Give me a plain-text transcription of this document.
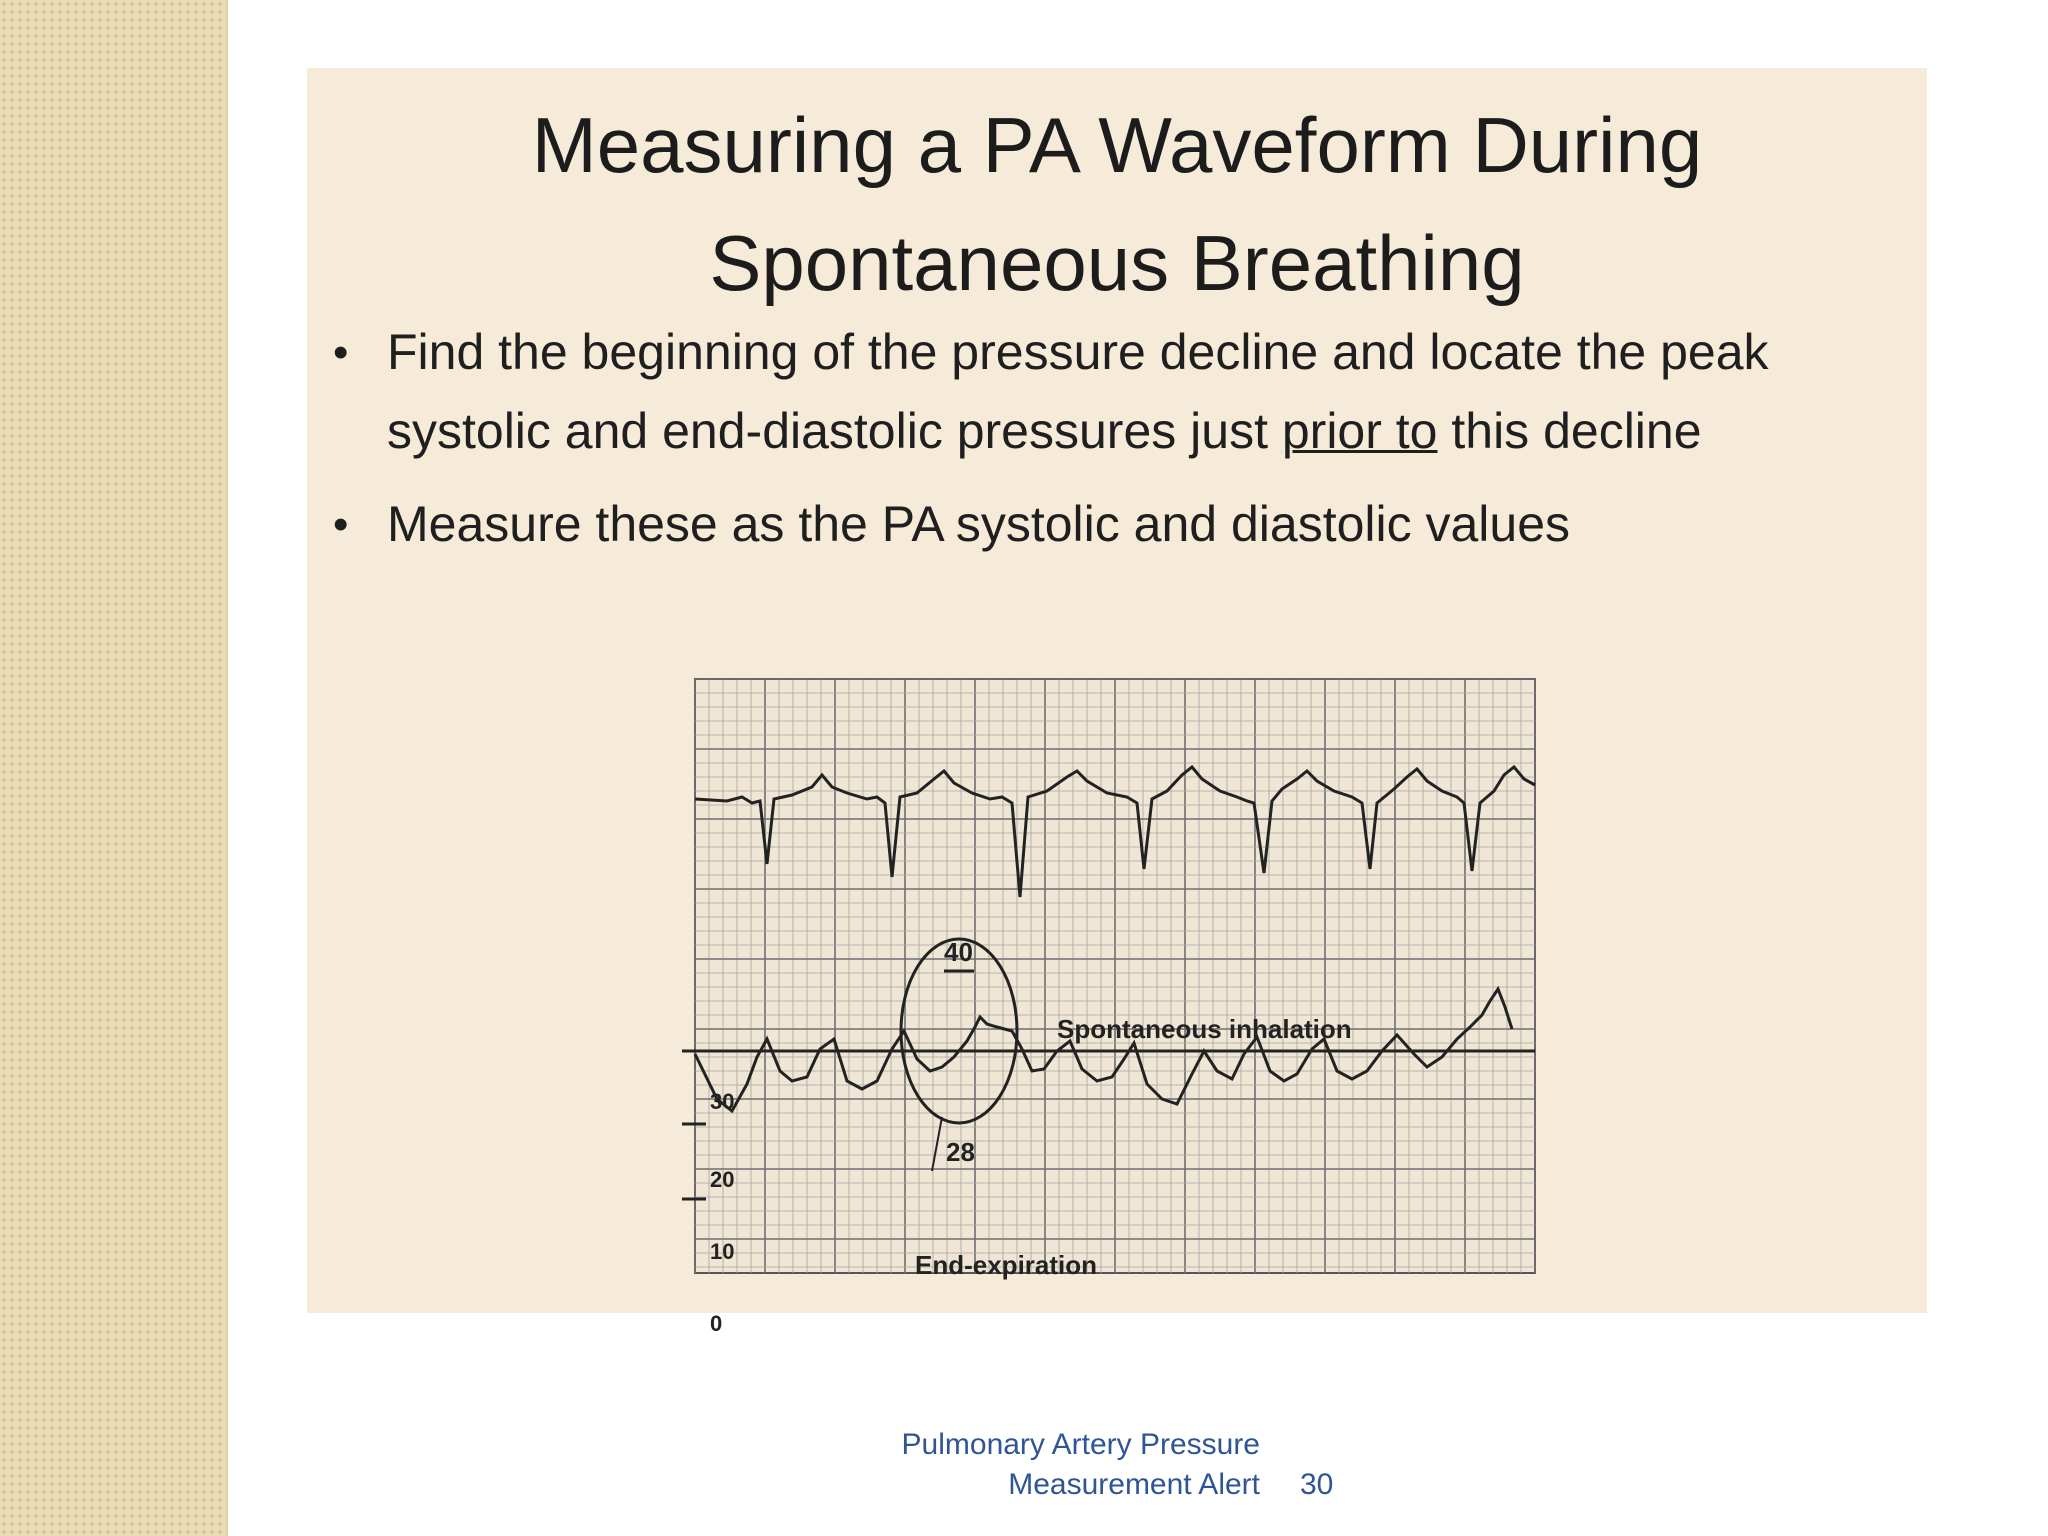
Measuring a PA Waveform During
Spontaneous Breathing
• Find the beginning of the pressure decline and locate the peak systolic and end-diastolic pressures just prior to this decline
• Measure these as the PA systolic and diastolic values
30
20
10
0
40
28
Spontaneous inhalation
End-expiration
Pulmonary Artery Pressure
Measurement Alert 30
